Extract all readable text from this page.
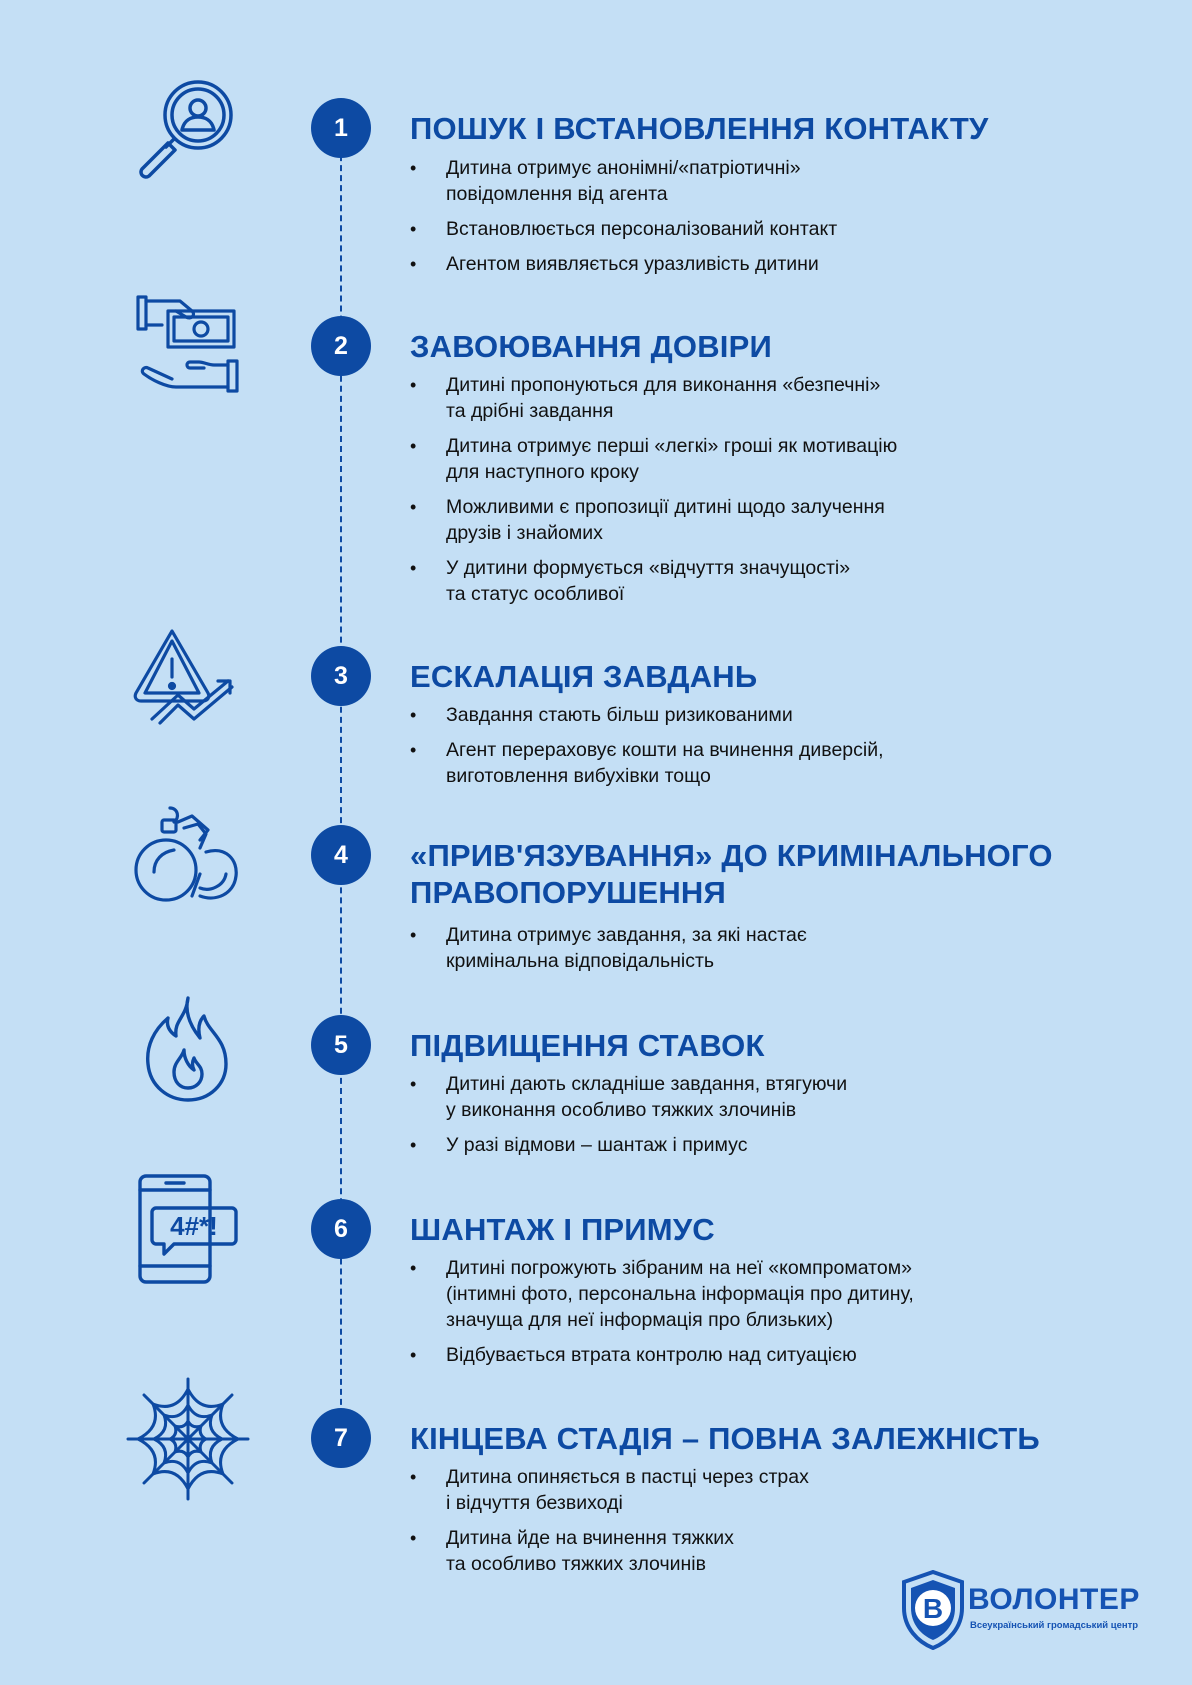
1	ПОШУК І ВСТАНОВЛЕННЯ КОНТАКТУ
• Дитина отримує анонімні/«патріотичні»
повідомлення від агента
• Встановлюється персоналізований контакт
• Агентом виявляється уразливість дитини
2	ЗАВОЮВАННЯ ДОВІРИ
• Дитині пропонуються для виконання «безпечні»
та дрібні завдання
• Дитина отримує перші «легкі» гроші як мотивацію
для наступного кроку
• Можливими є пропозиції дитині щодо залучення
друзів і знайомих
• У дитини формується «відчуття значущості»
та статус особливої
3	ЕСКАЛАЦІЯ ЗАВДАНЬ
• Завдання стають більш ризикованими
• Агент перераховує кошти на вчинення диверсій,
виготовлення вибухівки тощо
4	«ПРИВ'ЯЗУВАННЯ» ДО КРИМІНАЛЬНОГО
ПРАВОПОРУШЕННЯ
• Дитина отримує завдання, за які настає
кримінальна відповідальність
5	ПІДВИЩЕННЯ СТАВОК
• Дитині дають складніше завдання, втягуючи
у виконання особливо тяжких злочинів
• У разі відмови – шантаж і примус
4#*!	6	ШАНТАЖ І ПРИМУС
• Дитині погрожують зібраним на неї «компроматом»
(інтимні фото, персональна інформація про дитину,
значуща для неї інформація про близьких)
• Відбувається втрата контролю над ситуацією
7	КІНЦЕВА СТАДІЯ – ПОВНА ЗАЛЕЖНІСТЬ
• Дитина опиняється в пастці через страх
і відчуття безвиході
• Дитина йде на вчинення тяжких
та особливо тяжких злочинів
В ВОЛОНТЕР
Всеукраїнський громадський центр
